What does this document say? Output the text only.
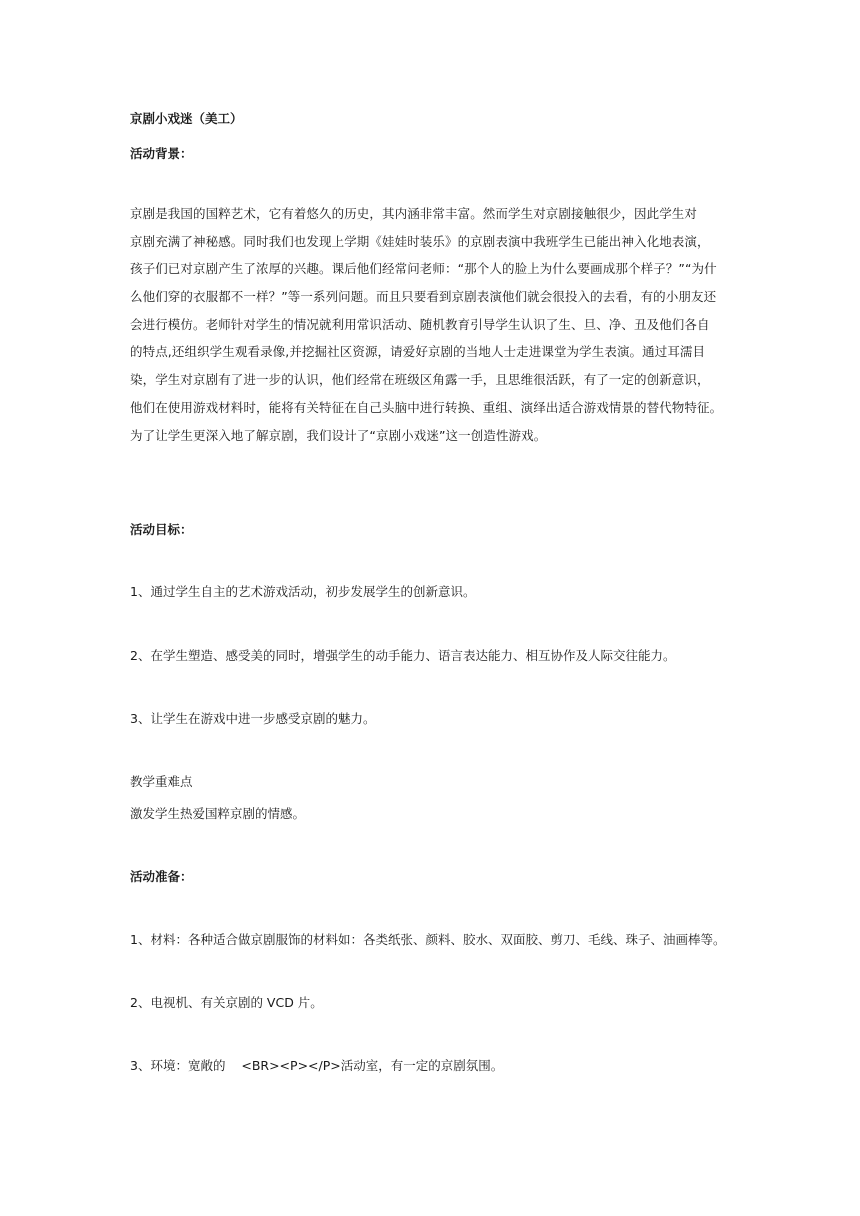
京剧小戏迷（美工）
活动背景：
京剧是我国的国粹艺术，它有着悠久的历史，其内涵非常丰富。然而学生对京剧接触很少，因此学生对
京剧充满了神秘感。同时我们也发现上学期《娃娃时装乐》的京剧表演中我班学生已能出神入化地表演，
孩子们已对京剧产生了浓厚的兴趣。课后他们经常问老师：“那个人的脸上为什么要画成那个样子？”“为什
么他们穿的衣服都不一样？”等一系列问题。而且只要看到京剧表演他们就会很投入的去看，有的小朋友还
会进行模仿。老师针对学生的情况就利用常识活动、随机教育引导学生认识了生、旦、净、丑及他们各自
的特点,还组织学生观看录像,并挖掘社区资源，请爱好京剧的当地人士走进课堂为学生表演。通过耳濡目
染，学生对京剧有了进一步的认识，他们经常在班级区角露一手，且思维很活跃，有了一定的创新意识，
他们在使用游戏材料时，能将有关特征在自己头脑中进行转换、重组、演绎出适合游戏情景的替代物特征。
为了让学生更深入地了解京剧，我们设计了“京剧小戏迷”这一创造性游戏。
活动目标：
1、通过学生自主的艺术游戏活动，初步发展学生的创新意识。
2、在学生塑造、感受美的同时，增强学生的动手能力、语言表达能力、相互协作及人际交往能力。
3、让学生在游戏中进一步感受京剧的魅力。
教学重难点
激发学生热爱国粹京剧的情感。
活动准备：
1、材料：各种适合做京剧服饰的材料如：各类纸张、颜料、胶水、双面胶、剪刀、毛线、珠子、油画棒等。
2、电视机、有关京剧的 VCD 片。
3、环境：宽敞的    <BR><P></P>活动室，有一定的京剧氛围。
